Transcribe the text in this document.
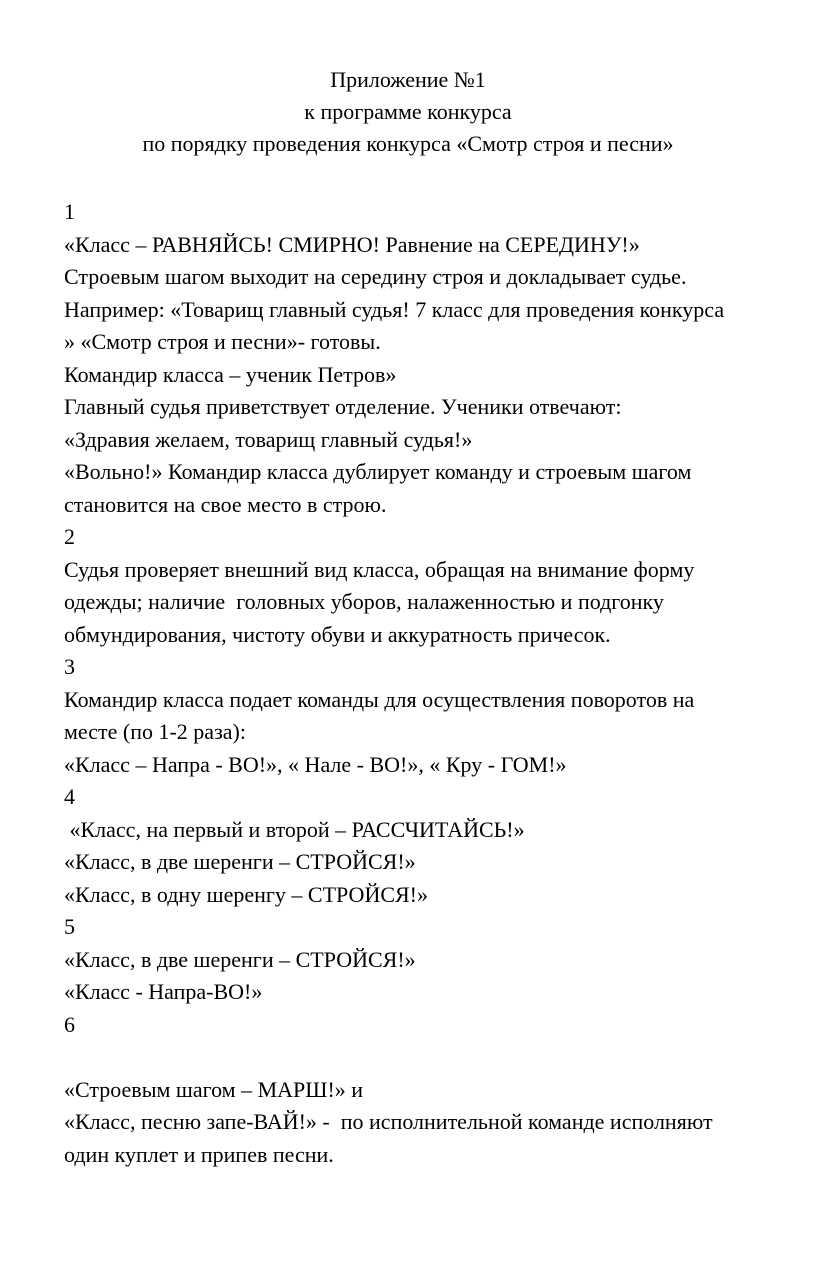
Приложение №1
к программе конкурса
по порядку проведения конкурса «Смотр строя и песни»
1
«Класс – РАВНЯЙСЬ! СМИРНО! Равнение на СЕРЕДИНУ!»
Строевым шагом выходит на середину строя и докладывает судье.
Например: «Товарищ главный судья! 7 класс для проведения конкурса
» «Смотр строя и песни»- готовы.
Командир класса – ученик Петров»
Главный судья приветствует отделение. Ученики отвечают:
«Здравия желаем, товарищ главный судья!»
«Вольно!» Командир класса дублирует команду и строевым шагом
становится на свое место в строю.
2
Судья проверяет внешний вид класса, обращая на внимание форму
одежды; наличие  головных уборов, налаженностью и подгонку
обмундирования, чистоту обуви и аккуратность причесок.
3
Командир класса подает команды для осуществления поворотов на
месте (по 1-2 раза):
«Класс – Напра - ВО!», « Нале - ВО!», « Кру - ГОМ!»
4
«Класс, на первый и второй – РАССЧИТАЙСЬ!»
«Класс, в две шеренги – СТРОЙСЯ!»
«Класс, в одну шеренгу – СТРОЙСЯ!»
5
«Класс, в две шеренги – СТРОЙСЯ!»
«Класс - Напра-ВО!»
6
«Строевым шагом – МАРШ!» и
«Класс, песню запе-ВАЙ!» -  по исполнительной команде исполняют
один куплет и припев песни.
